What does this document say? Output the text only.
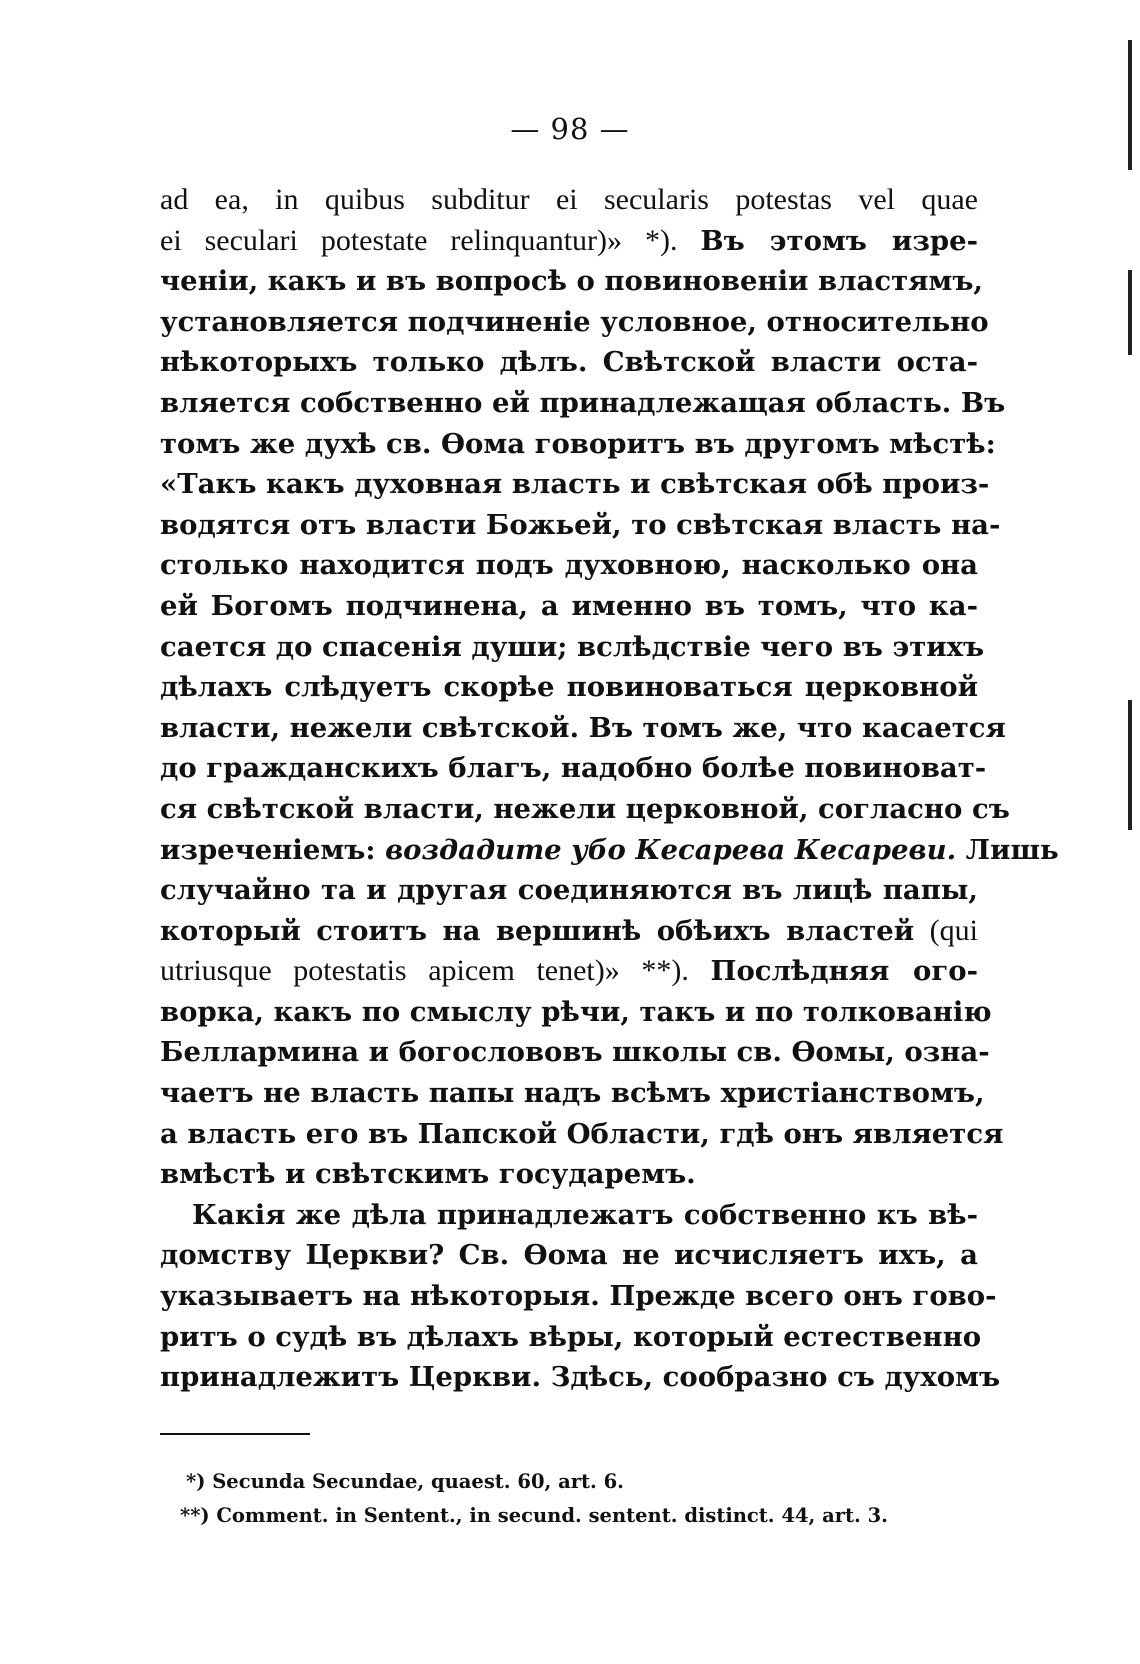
— 98 —
ad ea, in quibus subditur ei secularis potestas vel quae
ei seculari potestate relinquantur)» *). Въ этомъ изре-
ченіи, какъ и въ вопросѣ о повиновеніи властямъ,
установляется подчиненіе условное, относительно
нѣкоторыхъ только дѣлъ. Свѣтской власти оста-
вляется собственно ей принадлежащая область. Въ
томъ же духѣ св. Ѳома говоритъ въ другомъ мѣстѣ:
«Такъ какъ духовная власть и свѣтская обѣ произ-
водятся отъ власти Божьей, то свѣтская власть на-
столько находится подъ духовною, насколько она
ей Богомъ подчинена, а именно въ томъ, что ка-
сается до спасенія души; вслѣдствіе чего въ этихъ
дѣлахъ слѣдуетъ скорѣе повиноваться церковной
власти, нежели свѣтской. Въ томъ же, что касается
до гражданскихъ благъ, надобно болѣе повиноват-
ся свѣтской власти, нежели церковной, согласно съ
изреченіемъ: воздадите убо Кесарева Кесареви. Лишь
случайно та и другая соединяются въ лицѣ папы,
который стоитъ на вершинѣ обѣихъ властей (qui
utriusque potestatis apicem tenet)» **). Послѣдняя ого-
ворка, какъ по смыслу рѣчи, такъ и по толкованію
Беллармина и богослововъ школы св. Ѳомы, озна-
чаетъ не власть папы надъ всѣмъ христіанствомъ,
а власть его въ Папской Области, гдѣ онъ является
вмѣстѣ и свѣтскимъ государемъ.
Какія же дѣла принадлежатъ собственно къ вѣ-
домству Церкви? Св. Ѳома не исчисляетъ ихъ, а
указываетъ на нѣкоторыя. Прежде всего онъ гово-
ритъ о судѣ въ дѣлахъ вѣры, который естественно
принадлежитъ Церкви. Здѣсь, сообразно съ духомъ
*) Secunda Secundae, quaest. 60, art. 6.
**) Comment. in Sentent., in secund. sentent. distinct. 44, art. 3.
